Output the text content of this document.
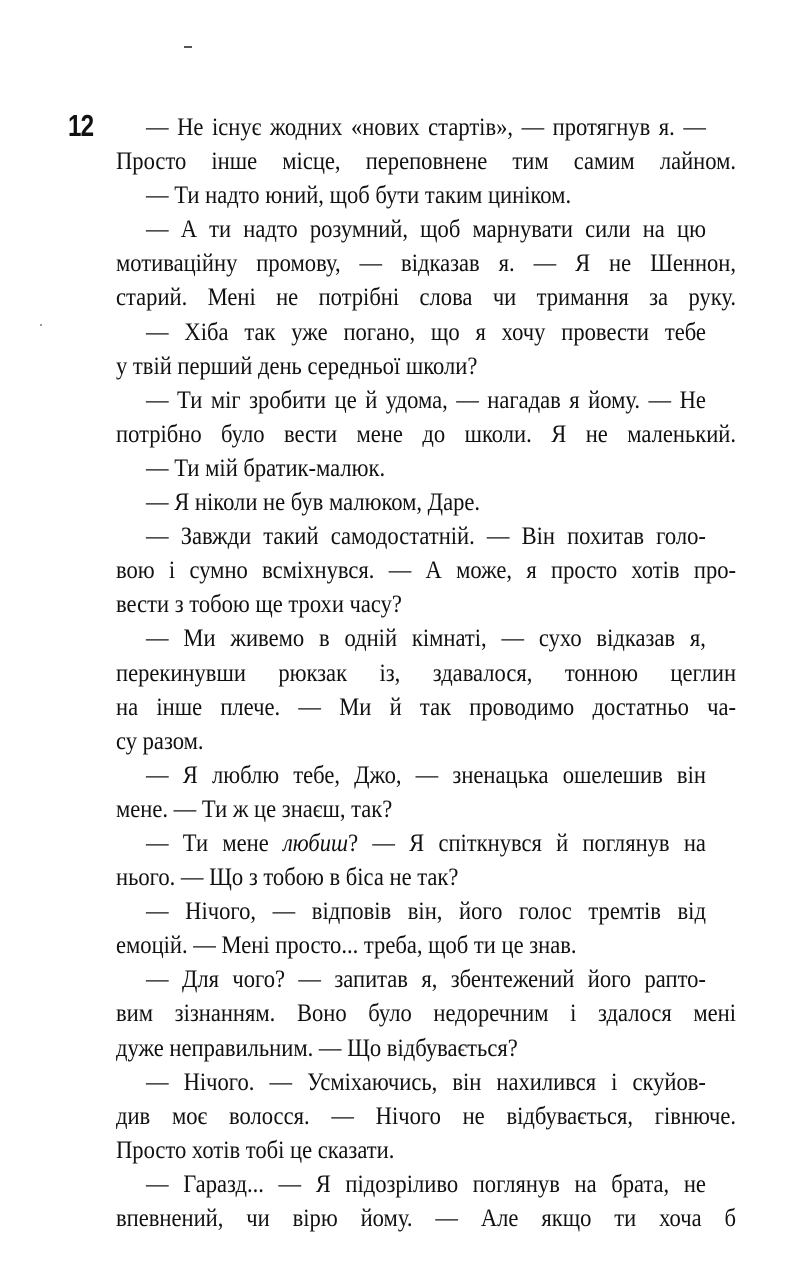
12 — Не існує жодних «нових стартів», — протягнув я. —
Просто інше місце, переповнене тим самим лайном.
— Ти надто юний, щоб бути таким циніком.
— А ти надто розумний, щоб марнувати сили на цю
мотиваційну промову, — відказав я. — Я не Шеннон,
старий. Мені не потрібні слова чи тримання за руку.
— Хіба так уже погано, що я хочу провести тебе
у твій перший день середньої школи?
— Ти міг зробити це й удома, — нагадав я йому. — Не
потрібно було вести мене до школи. Я не маленький.
— Ти мій братик-малюк.
— Я ніколи не був малюком, Даре.
— Завжди такий самодостатній. — Він похитав голо-
вою і сумно всміхнувся. — А може, я просто хотів про-
вести з тобою ще трохи часу?
— Ми живемо в одній кімнаті, — сухо відказав я,
перекинувши рюкзак із, здавалося, тонною цеглин
на інше плече. — Ми й так проводимо достатньо ча-
су разом.
— Я люблю тебе, Джо, — зненацька ошелешив він
мене. — Ти ж це знаєш, так?
— Ти мене любиш? — Я спіткнувся й поглянув на
нього. — Що з тобою в біса не так?
— Нічого, — відповів він, його голос тремтів від
емоцій. — Мені просто... треба, щоб ти це знав.
— Для чого? — запитав я, збентежений його рапто-
вим зізнанням. Воно було недоречним і здалося мені
дуже неправильним. — Що відбувається?
— Нічого. — Усміхаючись, він нахилився і скуйов-
див моє волосся. — Нічого не відбувається, гівнюче.
Просто хотів тобі це сказати.
— Гаразд... — Я підозріливо поглянув на брата, не
впевнений, чи вірю йому. — Але якщо ти хоча б
